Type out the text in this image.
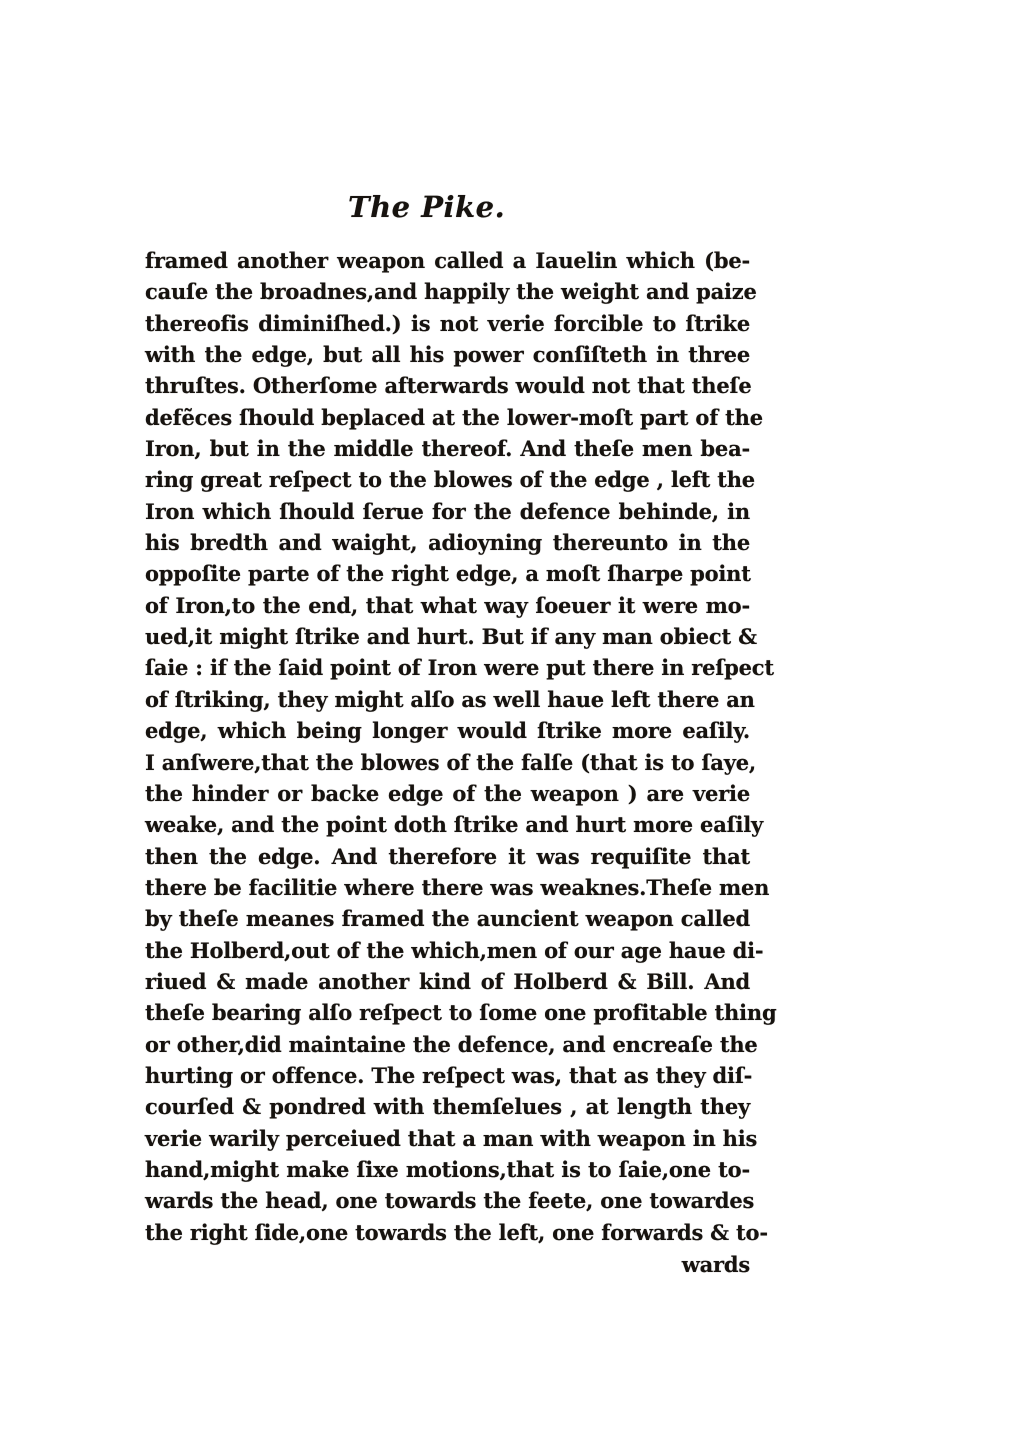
The Pike.
framed another weapon called a Iauelin which (be-
cauſe the broadnes,and happily the weight and paize
thereofis diminiſhed.) is not verie forcible to ſtrike
with the edge, but all his power conſiſteth in three
thruſtes. Otherſome afterwards would not that theſe
defẽces ſhould beplaced at the lower-moſt part of the
Iron, but in the middle thereof. And theſe men bea-
ring great reſpect to the blowes of the edge , left the
Iron which ſhould ſerue for the defence behinde, in
his bredth and waight, adioyning thereunto in the
oppoſite parte of the right edge, a moſt ſharpe point
of Iron,to the end, that what way ſoeuer it were mo-
ued,it might ſtrike and hurt. But if any man obiect &
ſaie : if the ſaid point of Iron were put there in reſpect
of ſtriking, they might alſo as well haue left there an
edge, which being longer would ſtrike more eaſily.
I anſwere,that the blowes of the falſe (that is to ſaye,
the hinder or backe edge of the weapon ) are verie
weake, and the point doth ſtrike and hurt more eaſily
then the edge. And therefore it was requiſite that
there be facilitie where there was weaknes.Theſe men
by theſe meanes framed the auncient weapon called
the Holberd,out of the which,men of our age haue di-
riued & made another kind of Holberd & Bill. And
theſe bearing alſo reſpect to ſome one profitable thing
or other,did maintaine the defence, and encreaſe the
hurting or offence. The reſpect was, that as they diſ-
courſed & pondred with themſelues , at length they
verie warily perceiued that a man with weapon in his
hand,might make ſixe motions,that is to ſaie,one to-
wards the head, one towards the feete, one towardes
the right ſide,one towards the left, one forwards & to-
wards
